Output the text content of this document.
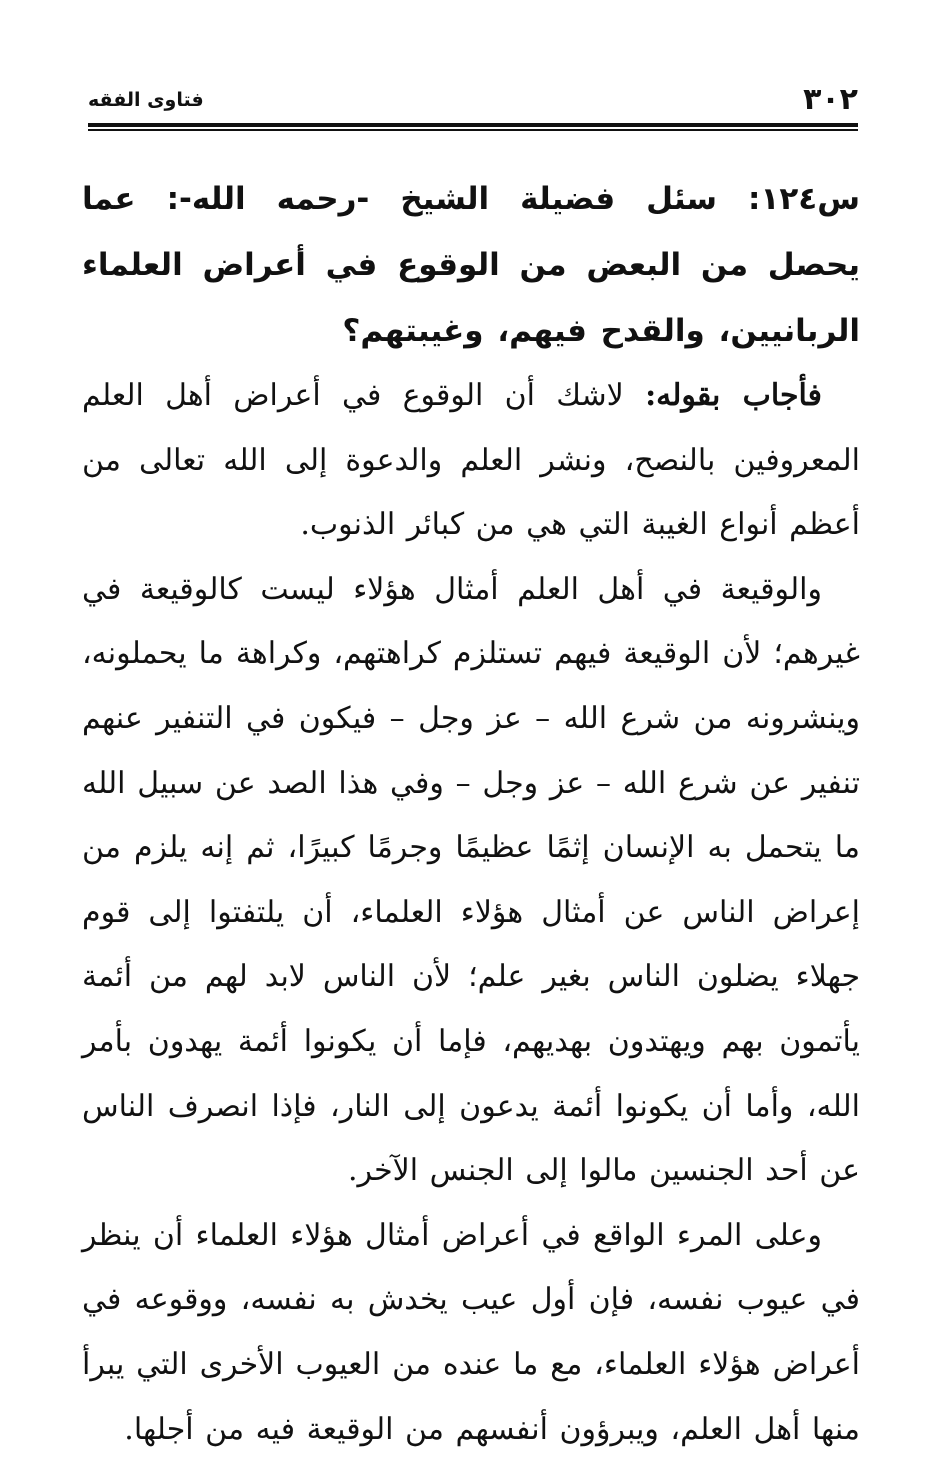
٣٠٢
فتاوى الفقه

س١٢٤: سئل فضيلة الشيخ -رحمه الله-: عما يحصل من البعض من الوقوع في أعراض العلماء الربانيين، والقدح فيهم، وغيبتهم؟

فأجاب بقوله: لاشك أن الوقوع في أعراض أهل العلم المعروفين بالنصح، ونشر العلم والدعوة إلى الله تعالى من أعظم أنواع الغيبة التي هي من كبائر الذنوب.

والوقيعة في أهل العلم أمثال هؤلاء ليست كالوقيعة في غيرهم؛ لأن الوقيعة فيهم تستلزم كراهتهم، وكراهة ما يحملونه، وينشرونه من شرع الله – عز وجل – فيكون في التنفير عنهم تنفير عن شرع الله – عز وجل – وفي هذا الصد عن سبيل الله ما يتحمل به الإنسان إثمًا عظيمًا وجرمًا كبيرًا، ثم إنه يلزم من إعراض الناس عن أمثال هؤلاء العلماء، أن يلتفتوا إلى قوم جهلاء يضلون الناس بغير علم؛ لأن الناس لابد لهم من أئمة يأتمون بهم ويهتدون بهديهم، فإما أن يكونوا أئمة يهدون بأمر الله، وأما أن يكونوا أئمة يدعون إلى النار، فإذا انصرف الناس عن أحد الجنسين مالوا إلى الجنس الآخر.

وعلى المرء الواقع في أعراض أمثال هؤلاء العلماء أن ينظر في عيوب نفسه، فإن أول عيب يخدش به نفسه، ووقوعه في أعراض هؤلاء العلماء، مع ما عنده من العيوب الأخرى التي يبرأ منها أهل العلم، ويبرؤون أنفسهم من الوقيعة فيه من أجلها.
